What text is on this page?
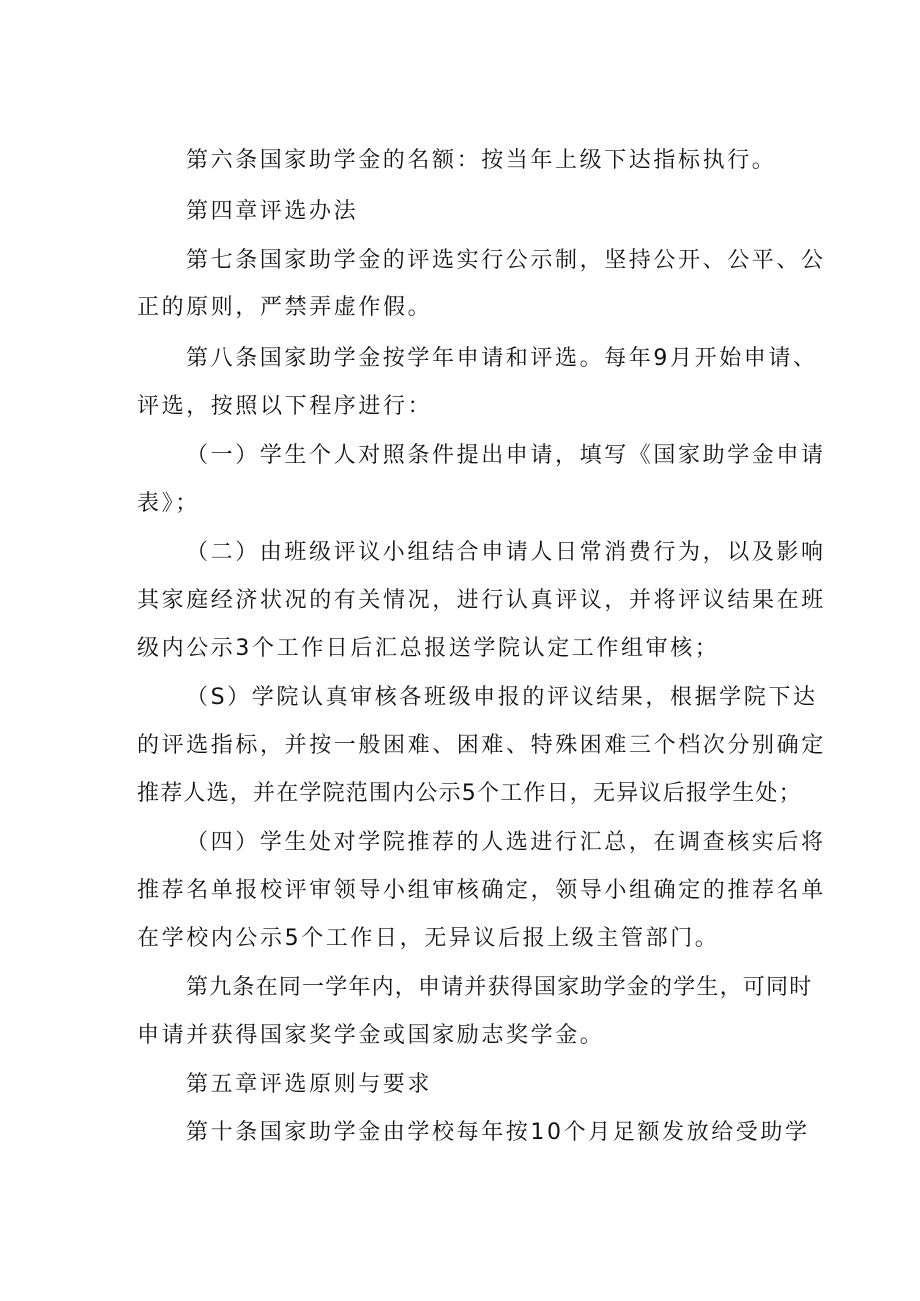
第六条国家助学金的名额：按当年上级下达指标执行。
第四章评选办法
第七条国家助学金的评选实行公示制，坚持公开、公平、公
正的原则，严禁弄虚作假。
第八条国家助学金按学年申请和评选。每年9月开始申请、
评选，按照以下程序进行：
（一）学生个人对照条件提出申请，填写《国家助学金申请
表》；
（二）由班级评议小组结合申请人日常消费行为，以及影响
其家庭经济状况的有关情况，进行认真评议，并将评议结果在班
级内公示3个工作日后汇总报送学院认定工作组审核；
（S）学院认真审核各班级申报的评议结果，根据学院下达
的评选指标，并按一般困难、困难、特殊困难三个档次分别确定
推荐人选，并在学院范围内公示5个工作日，无异议后报学生处；
（四）学生处对学院推荐的人选进行汇总，在调查核实后将
推荐名单报校评审领导小组审核确定，领导小组确定的推荐名单
在学校内公示5个工作日，无异议后报上级主管部门。
第九条在同一学年内，申请并获得国家助学金的学生，可同时
申请并获得国家奖学金或国家励志奖学金。
第五章评选原则与要求
第十条国家助学金由学校每年按10个月足额发放给受助学
